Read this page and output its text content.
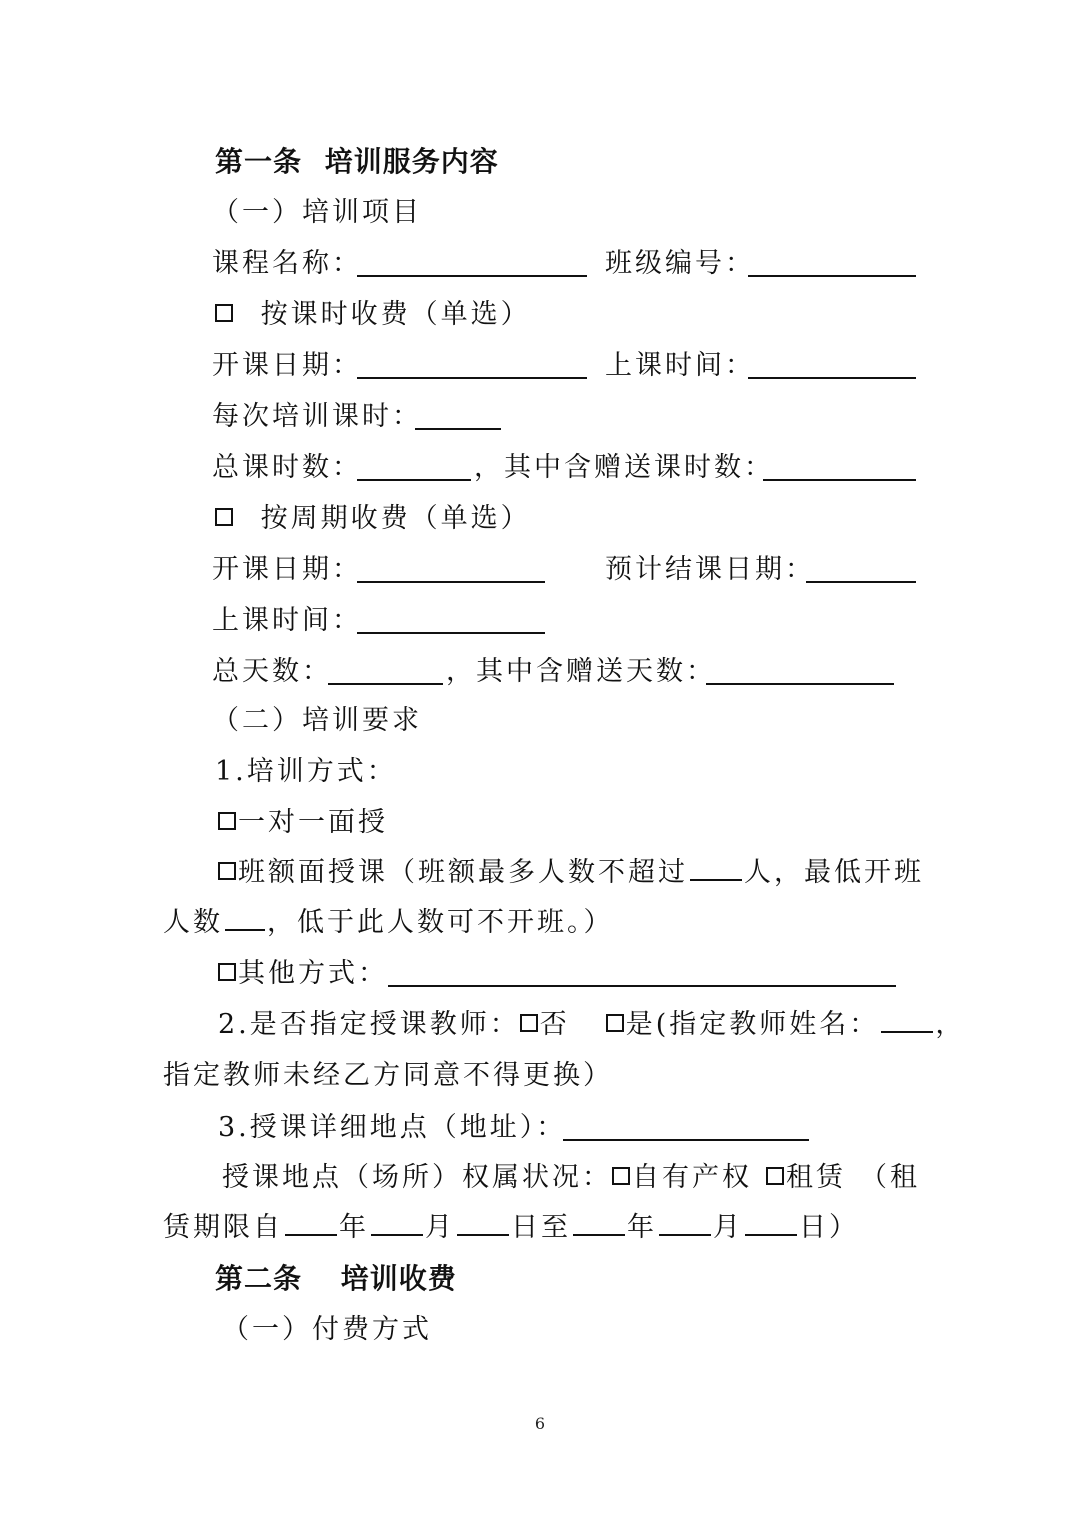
第一条 培训服务内容
（一）培训项目
课程名称：	班级编号：
按课时收费（单选）
开课日期：	上课时间：
每次培训课时：
总课时数：	，其中含赠送课时数：
按周期收费（单选）
开课日期：	预计结课日期：
上课时间：
总天数：	，其中含赠送天数：
（二）培训要求
1.培训方式：
一对一面授
班额面授课（班额最多人数不超过 人，最低开班
人数 ，低于此人数可不开班。）
其他方式：
2.是否指定授课教师： 否 是(指定教师姓名： ，
指定教师未经乙方同意不得更换）
3.授课详细地点（地址）：
授课地点（场所）权属状况： 自有产权 租赁 （租
赁期限自 年 月 日至 年 月 日）
第二条 培训收费
（一）付费方式
6
